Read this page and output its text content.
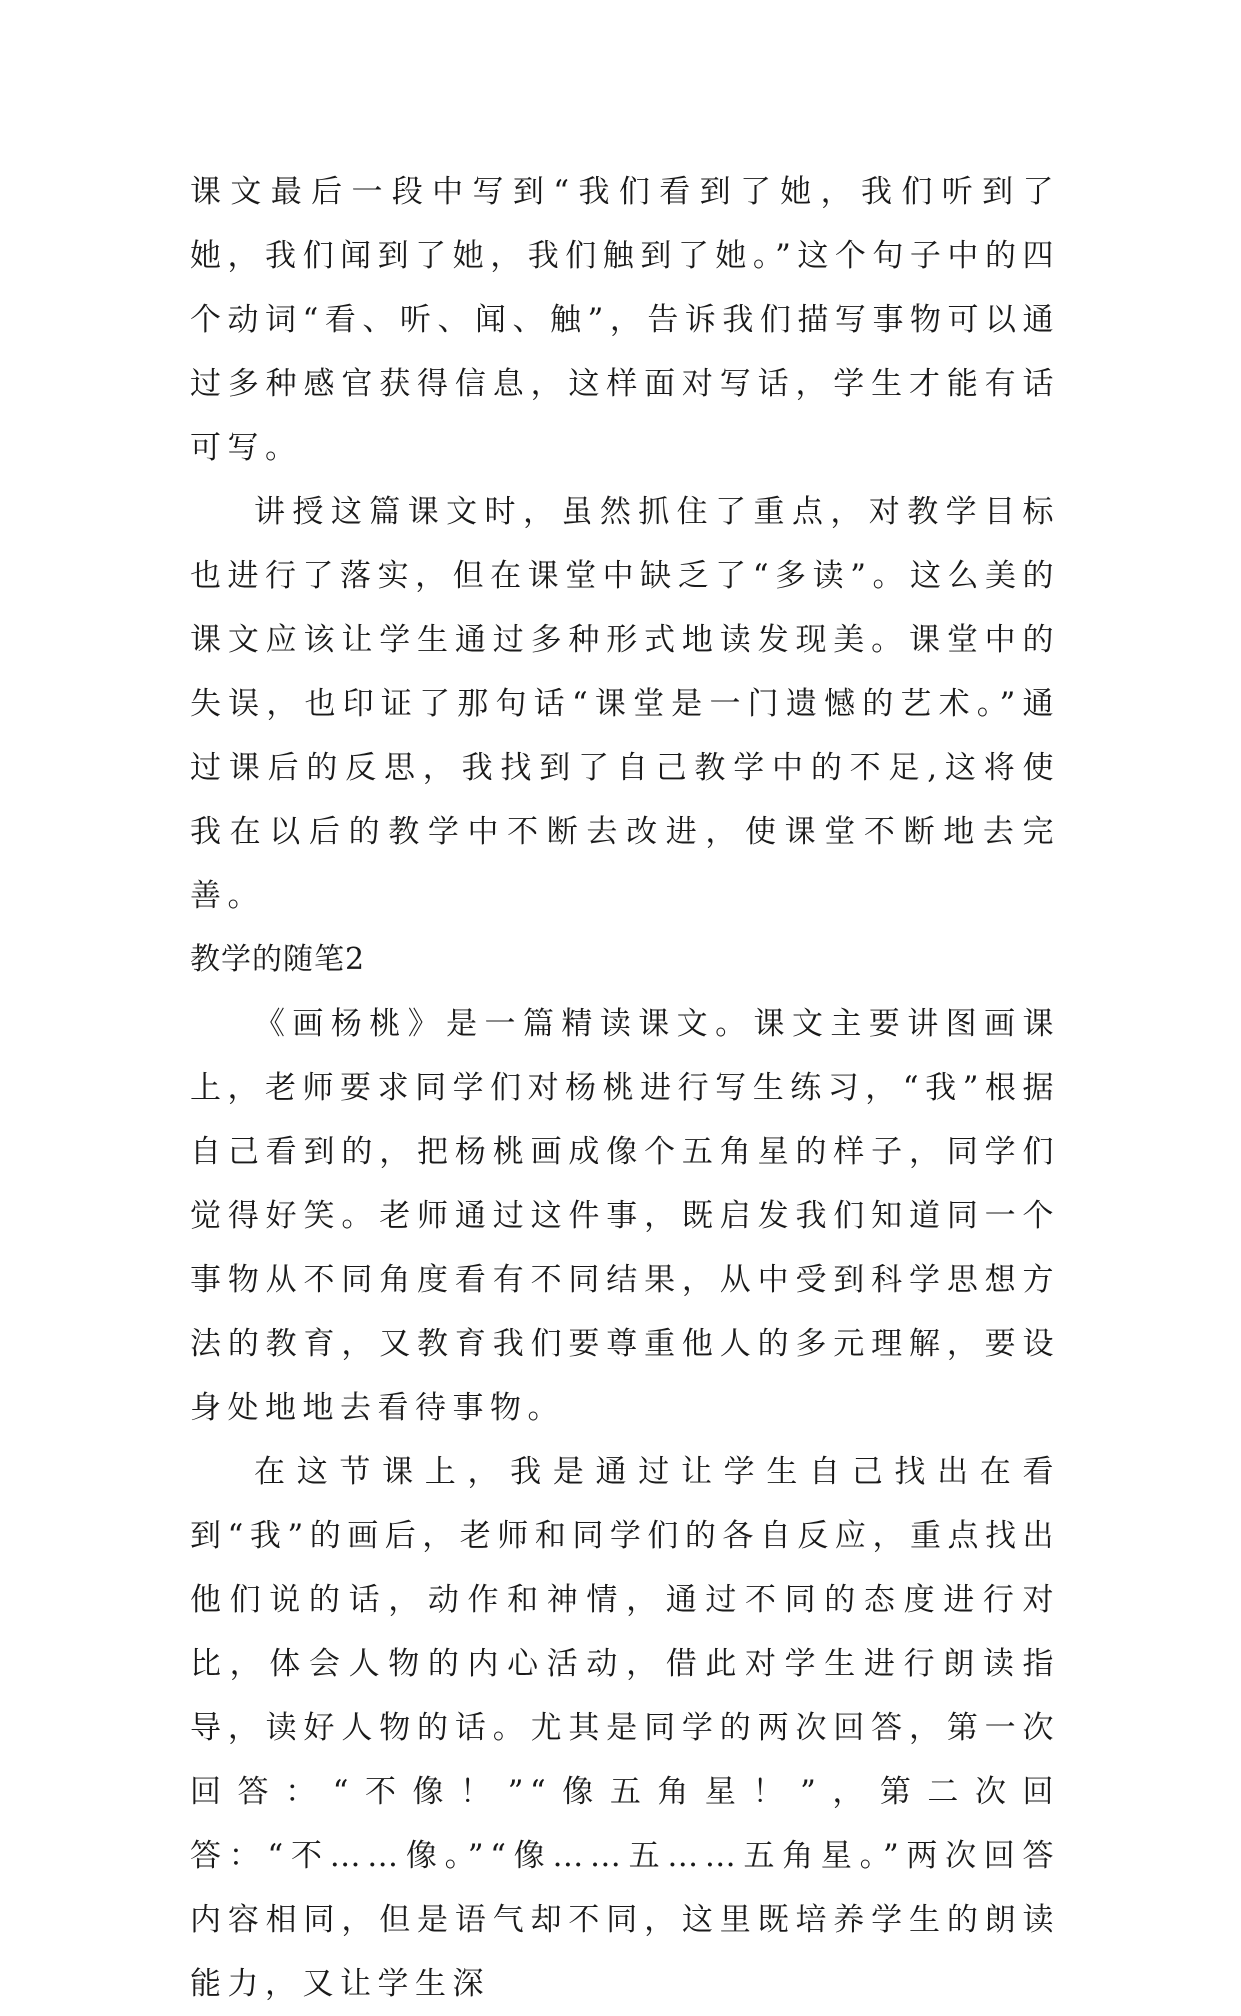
课文最后一段中写到“我们看到了她，我们听到了她，我们闻到了她，我们触到了她。”这个句子中的四个动词“看、听、闻、触”，告诉我们描写事物可以通过多种感官获得信息，这样面对写话，学生才能有话可写。

讲授这篇课文时，虽然抓住了重点，对教学目标也进行了落实，但在课堂中缺乏了“多读”。这么美的课文应该让学生通过多种形式地读发现美。课堂中的失误，也印证了那句话“课堂是一门遗憾的艺术。”通过课后的反思，我找到了自己教学中的不足,这将使我在以后的教学中不断去改进，使课堂不断地去完善。

教学的随笔2

《画杨桃》是一篇精读课文。课文主要讲图画课上，老师要求同学们对杨桃进行写生练习，“我”根据自己看到的，把杨桃画成像个五角星的样子，同学们觉得好笑。老师通过这件事，既启发我们知道同一个事物从不同角度看有不同结果，从中受到科学思想方法的教育，又教育我们要尊重他人的多元理解，要设身处地地去看待事物。

在这节课上，我是通过让学生自己找出在看到“我”的画后，老师和同学们的各自反应，重点找出他们说的话，动作和神情，通过不同的态度进行对比，体会人物的内心活动，借此对学生进行朗读指导，读好人物的话。尤其是同学的两次回答，第一次回答：“不像！”“像五角星！”，第二次回答：“不……像。”“像……五……五角星。”两次回答内容相同，但是语气却不同，这里既培养学生的朗读能力，又让学生深
